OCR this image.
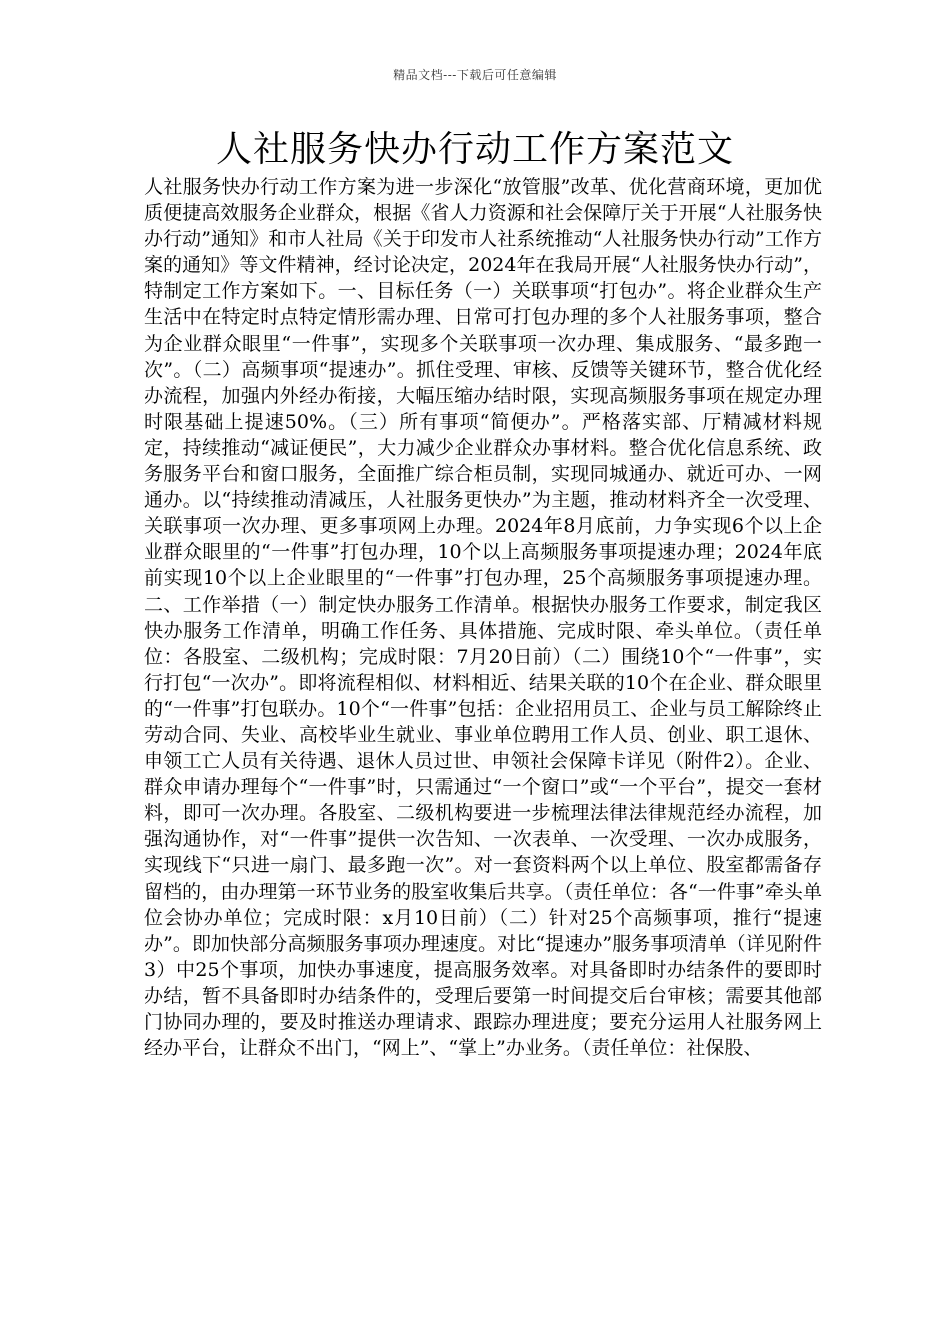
精品文档---下载后可任意编辑
人社服务快办行动工作方案范文

人社服务快办行动工作方案为进一步深化“放管服”改革、优化营商环境，更加优质便捷高效服务企业群众，根据《省人力资源和社会保障厅关于开展“人社服务快办行动”通知》和市人社局《关于印发市人社系统推动“人社服务快办行动”工作方案的通知》等文件精神，经讨论决定，2024年在我局开展“人社服务快办行动”，特制定工作方案如下。一、目标任务（一）关联事项“打包办”。将企业群众生产生活中在特定时点特定情形需办理、日常可打包办理的多个人社服务事项，整合为企业群众眼里“一件事”，实现多个关联事项一次办理、集成服务、“最多跑一次”。（二）高频事项“提速办”。抓住受理、审核、反馈等关键环节，整合优化经办流程，加强内外经办衔接，大幅压缩办结时限，实现高频服务事项在规定办理时限基础上提速50%。（三）所有事项“简便办”。严格落实部、厅精减材料规定，持续推动“减证便民”，大力减少企业群众办事材料。整合优化信息系统、政务服务平台和窗口服务，全面推广综合柜员制，实现同城通办、就近可办、一网通办。以“持续推动清减压，人社服务更快办”为主题，推动材料齐全一次受理、关联事项一次办理、更多事项网上办理。2024年8月底前，力争实现6个以上企业群众眼里的“一件事”打包办理，10个以上高频服务事项提速办理；2024年底前实现10个以上企业眼里的“一件事”打包办理，25个高频服务事项提速办理。二、工作举措（一）制定快办服务工作清单。根据快办服务工作要求，制定我区快办服务工作清单，明确工作任务、具体措施、完成时限、牵头单位。（责任单位：各股室、二级机构；完成时限：7月20日前）（二）围绕10个“一件事”，实行打包“一次办”。即将流程相似、材料相近、结果关联的10个在企业、群众眼里的“一件事”打包联办。10个“一件事”包括：企业招用员工、企业与员工解除终止劳动合同、失业、高校毕业生就业、事业单位聘用工作人员、创业、职工退休、申领工亡人员有关待遇、退休人员过世、申领社会保障卡详见（附件2）。企业、群众申请办理每个“一件事”时，只需通过“一个窗口”或“一个平台”，提交一套材料，即可一次办理。各股室、二级机构要进一步梳理法律法律规范经办流程，加强沟通协作，对“一件事”提供一次告知、一次表单、一次受理、一次办成服务，实现线下“只进一扇门、最多跑一次”。对一套资料两个以上单位、股室都需备存留档的，由办理第一环节业务的股室收集后共享。（责任单位：各“一件事”牵头单位会协办单位；完成时限：x月10日前）（二）针对25个高频事项，推行“提速办”。即加快部分高频服务事项办理速度。对比“提速办”服务事项清单（详见附件3）中25个事项，加快办事速度，提高服务效率。对具备即时办结条件的要即时办结，暂不具备即时办结条件的，受理后要第一时间提交后台审核；需要其他部门协同办理的，要及时推送办理请求、跟踪办理进度；要充分运用人社服务网上经办平台，让群众不出门，“网上”、“掌上”办业务。（责任单位：社保股、
